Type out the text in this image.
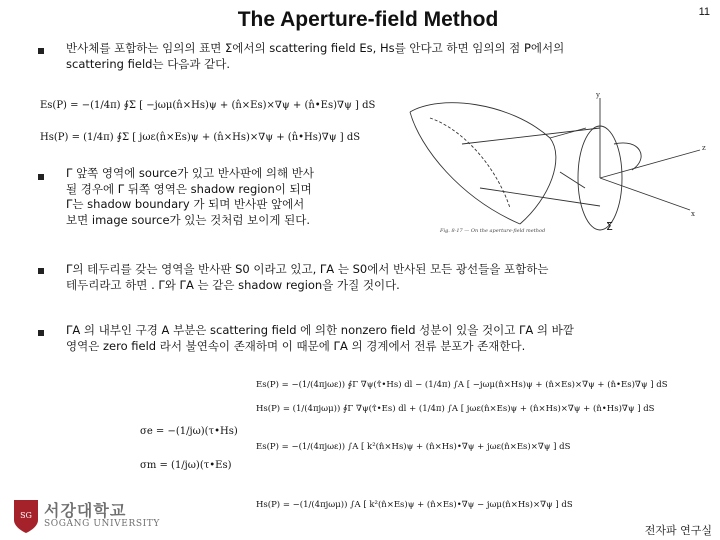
The Aperture-field Method	11
반사체를 포함하는 임의의 표면 Σ에서의 scattering field Es, Hs를 안다고 하면 임의의 점 P에서의
scattering field는 다음과 같다.
Es(P) = −(1/4π) ∮Σ [ −jωμ(n̂×Hs)ψ + (n̂×Es)×∇ψ + (n̂•Es)∇ψ ] dS
Hs(P) = (1/4π) ∮Σ [ jωε(n̂×Es)ψ + (n̂×Hs)×∇ψ + (n̂•Hs)∇ψ ] dS
Γ 앞쪽 영역에 source가 있고 반사판에 의해 반사
될 경우에 Γ 뒤쪽 영역은 shadow region이 되며
Γ는 shadow boundary 가 되며 반사판 앞에서
보면 image source가 있는 것처럼 보이게 된다.
z
y
x
Σ
Fig. 8-17 — On the aperture-field method
Γ의 테두리를 갖는 영역을 반사판 S0 이라고 있고, ΓA 는 S0에서 반사된 모든 광선들을 포함하는
테두리라고 하면 . Γ와 ΓA 는 같은 shadow region을 가질 것이다.
ΓA 의 내부인 구경 A 부분은 scattering field 에 의한 nonzero field 성분이 있을 것이고 ΓA 의 바깥
영역은 zero field 라서 불연속이 존재하며 이 때문에 ΓA 의 경계에서 전류 분포가 존재한다.
Es(P) = −(1/(4πjωε)) ∮Γ ∇ψ(τ̂•Hs) dl − (1/4π) ∫A [ −jωμ(n̂×Hs)ψ + (n̂×Es)×∇ψ + (n̂•Es)∇ψ ] dS
Hs(P) = (1/(4πjωμ)) ∮Γ ∇ψ(τ̂•Es) dl + (1/4π) ∫A [ jωε(n̂×Es)ψ + (n̂×Hs)×∇ψ + (n̂•Hs)∇ψ ] dS
σe = −(1/jω)(τ•Hs)
σm = (1/jω)(τ•Es)
Es(P) = −(1/(4πjωε)) ∫A [ k²(n̂×Hs)ψ + (n̂×Hs)•∇ψ + jωε(n̂×Es)×∇ψ ] dS
Hs(P) = −(1/(4πjωμ)) ∫A [ k²(n̂×Es)ψ + (n̂×Es)•∇ψ − jωμ(n̂×Hs)×∇ψ ] dS
SG 서강대학교
SOGANG UNIVERSITY	전자파 연구실
